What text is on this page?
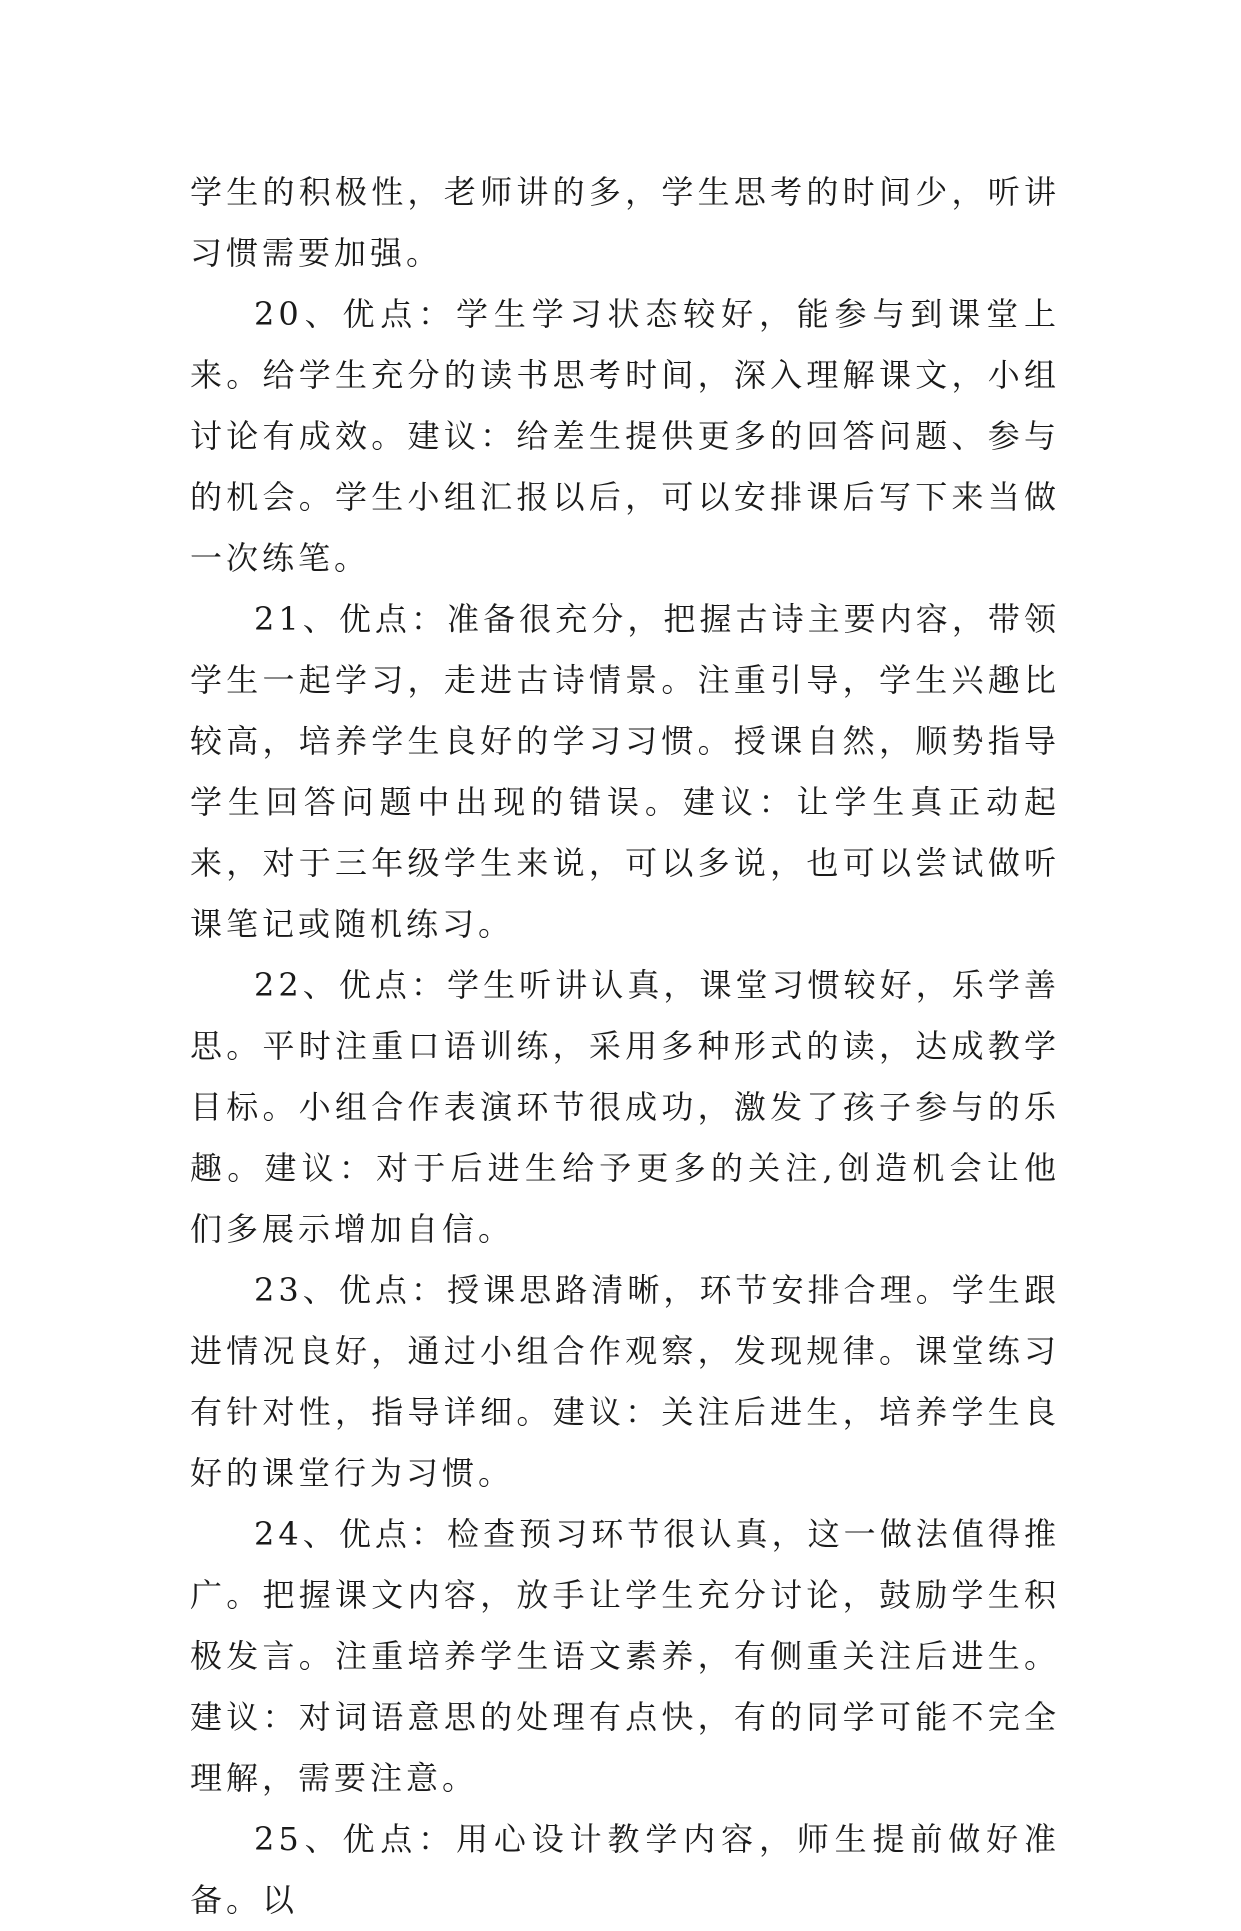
学生的积极性，老师讲的多，学生思考的时间少，听讲习惯需要加强。

20、优点：学生学习状态较好，能参与到课堂上来。给学生充分的读书思考时间，深入理解课文，小组讨论有成效。建议：给差生提供更多的回答问题、参与的机会。学生小组汇报以后，可以安排课后写下来当做一次练笔。

21、优点：准备很充分，把握古诗主要内容，带领学生一起学习，走进古诗情景。注重引导，学生兴趣比较高，培养学生良好的学习习惯。授课自然，顺势指导学生回答问题中出现的错误。建议：让学生真正动起来，对于三年级学生来说，可以多说，也可以尝试做听课笔记或随机练习。

22、优点：学生听讲认真，课堂习惯较好，乐学善思。平时注重口语训练，采用多种形式的读，达成教学目标。小组合作表演环节很成功，激发了孩子参与的乐趣。建议：对于后进生给予更多的关注,创造机会让他们多展示增加自信。

23、优点：授课思路清晰，环节安排合理。学生跟进情况良好，通过小组合作观察，发现规律。课堂练习有针对性，指导详细。建议：关注后进生，培养学生良好的课堂行为习惯。

24、优点：检查预习环节很认真，这一做法值得推广。把握课文内容，放手让学生充分讨论，鼓励学生积极发言。注重培养学生语文素养，有侧重关注后进生。建议：对词语意思的处理有点快，有的同学可能不完全理解，需要注意。

25、优点：用心设计教学内容，师生提前做好准备。以
